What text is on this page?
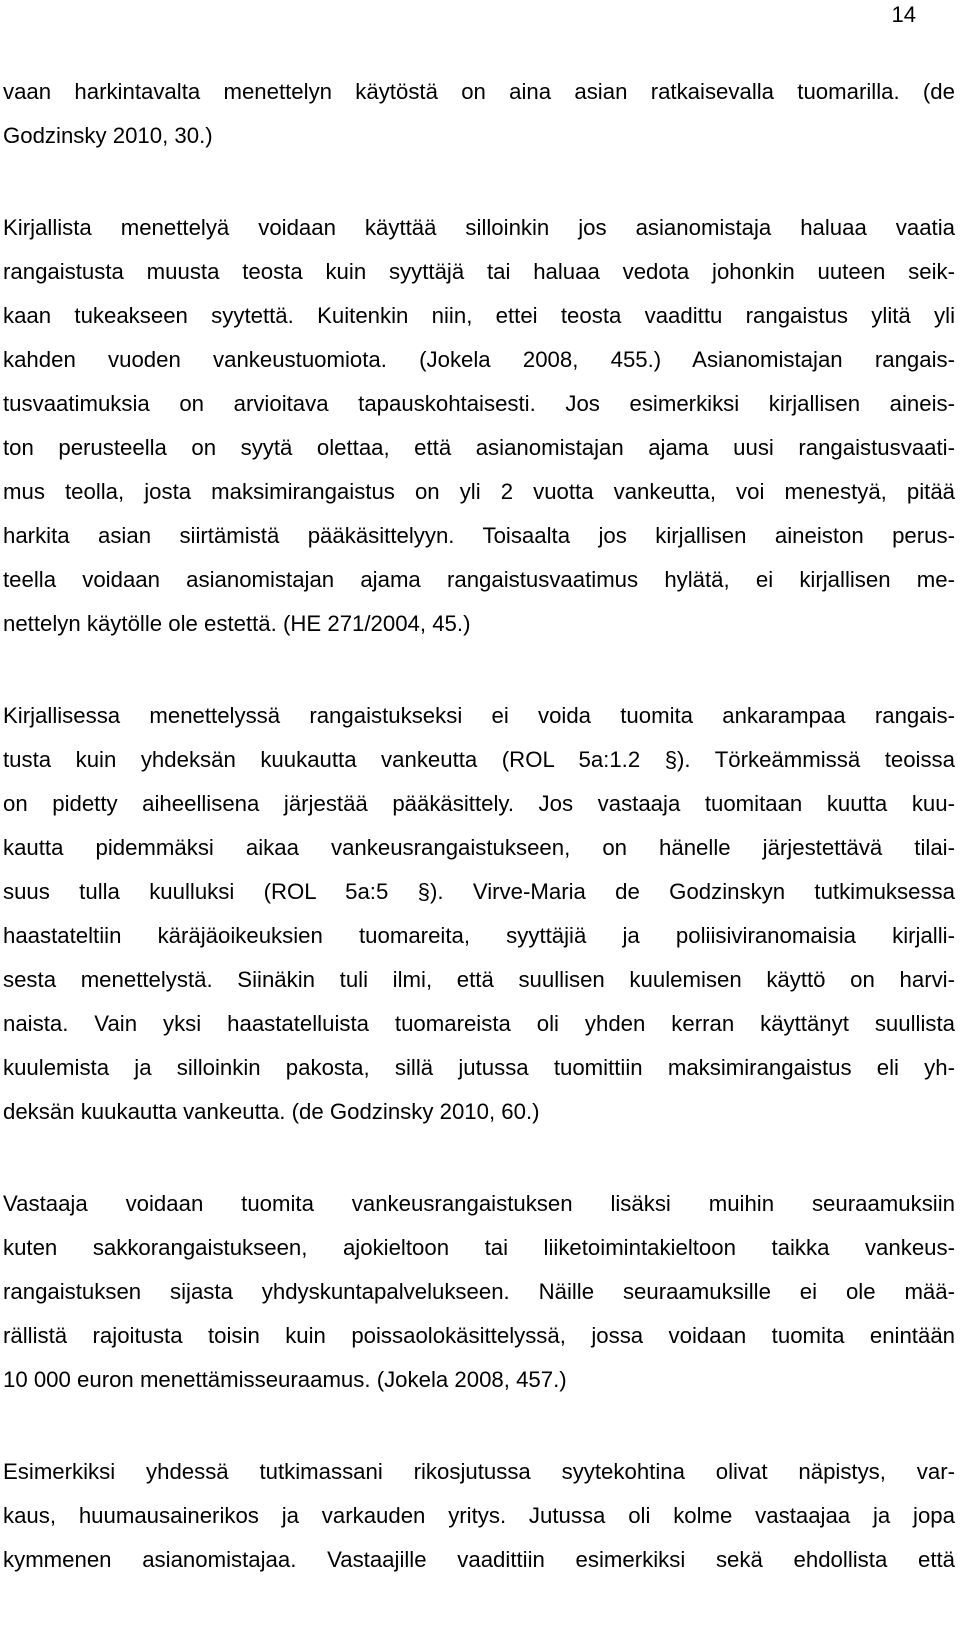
14

vaan harkintavalta menettelyn käytöstä on aina asian ratkaisevalla tuomarilla. (de

Godzinsky 2010, 30.)

Kirjallista menettelyä voidaan käyttää silloinkin jos asianomistaja haluaa vaatia

rangaistusta muusta teosta kuin syyttäjä tai haluaa vedota johonkin uuteen seik-

kaan tukeakseen syytettä. Kuitenkin niin, ettei teosta vaadittu rangaistus ylitä yli

kahden vuoden vankeustuomiota. (Jokela 2008, 455.) Asianomistajan rangais-

tusvaatimuksia on arvioitava tapauskohtaisesti. Jos esimerkiksi kirjallisen aineis-

ton perusteella on syytä olettaa, että asianomistajan ajama uusi rangaistusvaati-

mus teolla, josta maksimirangaistus on yli 2 vuotta vankeutta, voi menestyä, pitää

harkita asian siirtämistä pääkäsittelyyn. Toisaalta jos kirjallisen aineiston perus-

teella voidaan asianomistajan ajama rangaistusvaatimus hylätä, ei kirjallisen me-

nettelyn käytölle ole estettä. (HE 271/2004, 45.)

Kirjallisessa menettelyssä rangaistukseksi ei voida tuomita ankarampaa rangais-

tusta kuin yhdeksän kuukautta vankeutta (ROL 5a:1.2 §). Törkeämmissä teoissa

on pidetty aiheellisena järjestää pääkäsittely. Jos vastaaja tuomitaan kuutta kuu-

kautta pidemmäksi aikaa vankeusrangaistukseen, on hänelle järjestettävä tilai-

suus tulla kuulluksi (ROL 5a:5 §). Virve-Maria de Godzinskyn tutkimuksessa

haastateltiin käräjäoikeuksien tuomareita, syyttäjiä ja poliisiviranomaisia kirjalli-

sesta menettelystä. Siinäkin tuli ilmi, että suullisen kuulemisen käyttö on harvi-

naista. Vain yksi haastatelluista tuomareista oli yhden kerran käyttänyt suullista

kuulemista ja silloinkin pakosta, sillä jutussa tuomittiin maksimirangaistus eli yh-

deksän kuukautta vankeutta. (de Godzinsky 2010, 60.)

Vastaaja voidaan tuomita vankeusrangaistuksen lisäksi muihin seuraamuksiin

kuten sakkorangaistukseen, ajokieltoon tai liiketoimintakieltoon taikka vankeus-

rangaistuksen sijasta yhdyskuntapalvelukseen. Näille seuraamuksille ei ole mää-

rällistä rajoitusta toisin kuin poissaolokäsittelyssä, jossa voidaan tuomita enintään

10 000 euron menettämisseuraamus. (Jokela 2008, 457.)

Esimerkiksi yhdessä tutkimassani rikosjutussa syytekohtina olivat näpistys, var-

kaus, huumausainerikos ja varkauden yritys. Jutussa oli kolme vastaajaa ja jopa

kymmenen asianomistajaa. Vastaajille vaadittiin esimerkiksi sekä ehdollista että
